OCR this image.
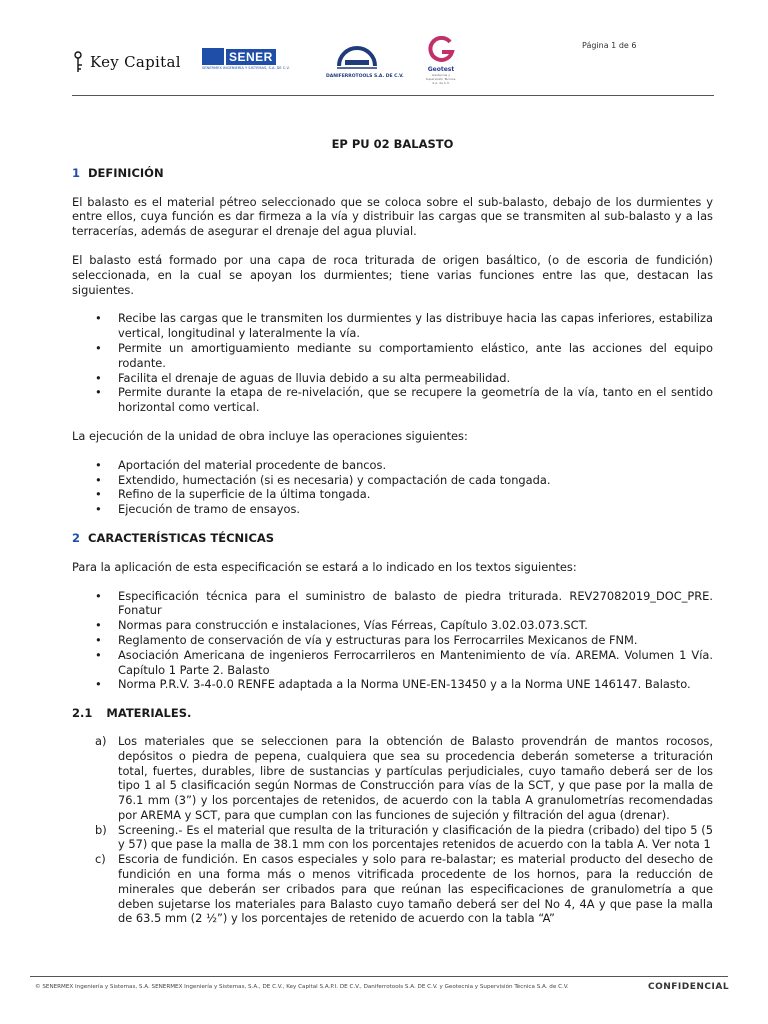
Key Capital	SENER
SENERMEX INGENIERÍA Y SISTEMAS, S.A. DE C.V.
DANIFERROTOOLS S.A. DE C.V.
Geotest
Geotecnia y Supervisión Técnica, S.A. de C.V.
Página 1 de 6
EP PU 02 BALASTO
1 DEFINICIÓN

El balasto es el material pétreo seleccionado que se coloca sobre el sub-balasto, debajo de los durmientes y entre ellos, cuya función es dar firmeza a la vía y distribuir las cargas que se transmiten al sub-balasto y a las terracerías, además de asegurar el drenaje del agua pluvial.

El balasto está formado por una capa de roca triturada de origen basáltico, (o de escoria de fundición) seleccionada, en la cual se apoyan los durmientes; tiene varias funciones entre las que, destacan las siguientes.

• Recibe las cargas que le transmiten los durmientes y las distribuye hacia las capas inferiores, estabiliza vertical, longitudinal y lateralmente la vía.
• Permite un amortiguamiento mediante su comportamiento elástico, ante las acciones del equipo rodante.
• Facilita el drenaje de aguas de lluvia debido a su alta permeabilidad.
• Permite durante la etapa de re-nivelación, que se recupere la geometría de la vía, tanto en el sentido horizontal como vertical.

La ejecución de la unidad de obra incluye las operaciones siguientes:

• Aportación del material procedente de bancos.
• Extendido, humectación (si es necesaria) y compactación de cada tongada.
• Refino de la superficie de la última tongada.
• Ejecución de tramo de ensayos.
2 CARACTERÍSTICAS TÉCNICAS

Para la aplicación de esta especificación se estará a lo indicado en los textos siguientes:

• Especificación técnica para el suministro de balasto de piedra triturada. REV27082019_DOC_PRE. Fonatur
• Normas para construcción e instalaciones, Vías Férreas, Capítulo 3.02.03.073.SCT.
• Reglamento de conservación de vía y estructuras para los Ferrocarriles Mexicanos de FNM.
• Asociación Americana de ingenieros Ferrocarrileros en Mantenimiento de vía. AREMA. Volumen 1 Vía. Capítulo 1 Parte 2. Balasto
• Norma P.R.V. 3-4-0.0 RENFE adaptada a la Norma UNE-EN-13450 y a la Norma UNE 146147. Balasto.
2.1 MATERIALES.
a) Los materiales que se seleccionen para la obtención de Balasto provendrán de mantos rocosos, depósitos o piedra de pepena, cualquiera que sea su procedencia deberán someterse a trituración total, fuertes, durables, libre de sustancias y partículas perjudiciales, cuyo tamaño deberá ser de los tipo 1 al 5 clasificación según Normas de Construcción para vías de la SCT, y que pase por la malla de 76.1 mm (3”) y los porcentajes de retenidos, de acuerdo con la tabla A granulometrías recomendadas por AREMA y SCT, para que cumplan con las funciones de sujeción y filtración del agua (drenar).
b) Screening.- Es el material que resulta de la trituración y clasificación de la piedra (cribado) del tipo 5 (5 y 57) que pase la malla de 38.1 mm con los porcentajes retenidos de acuerdo con la tabla A. Ver nota 1
c) Escoria de fundición. En casos especiales y solo para re-balastar; es material producto del desecho de fundición en una forma más o menos vitrificada procedente de los hornos, para la reducción de minerales que deberán ser cribados para que reúnan las especificaciones de granulometría a que deben sujetarse los materiales para Balasto cuyo tamaño deberá ser del No 4, 4A y que pase la malla de 63.5 mm (2 ½”) y los porcentajes de retenido de acuerdo con la tabla “A”
© SENERMEX Ingeniería y Sistemas, S.A. SENERMEX Ingeniería y Sistemas, S.A., DE C.V., Key Capital S.A.P.I. DE C.V., Daniferrotools S.A. DE C.V. y Geotecnia y Supervisión Técnica S.A. de C.V.	CONFIDENCIAL
